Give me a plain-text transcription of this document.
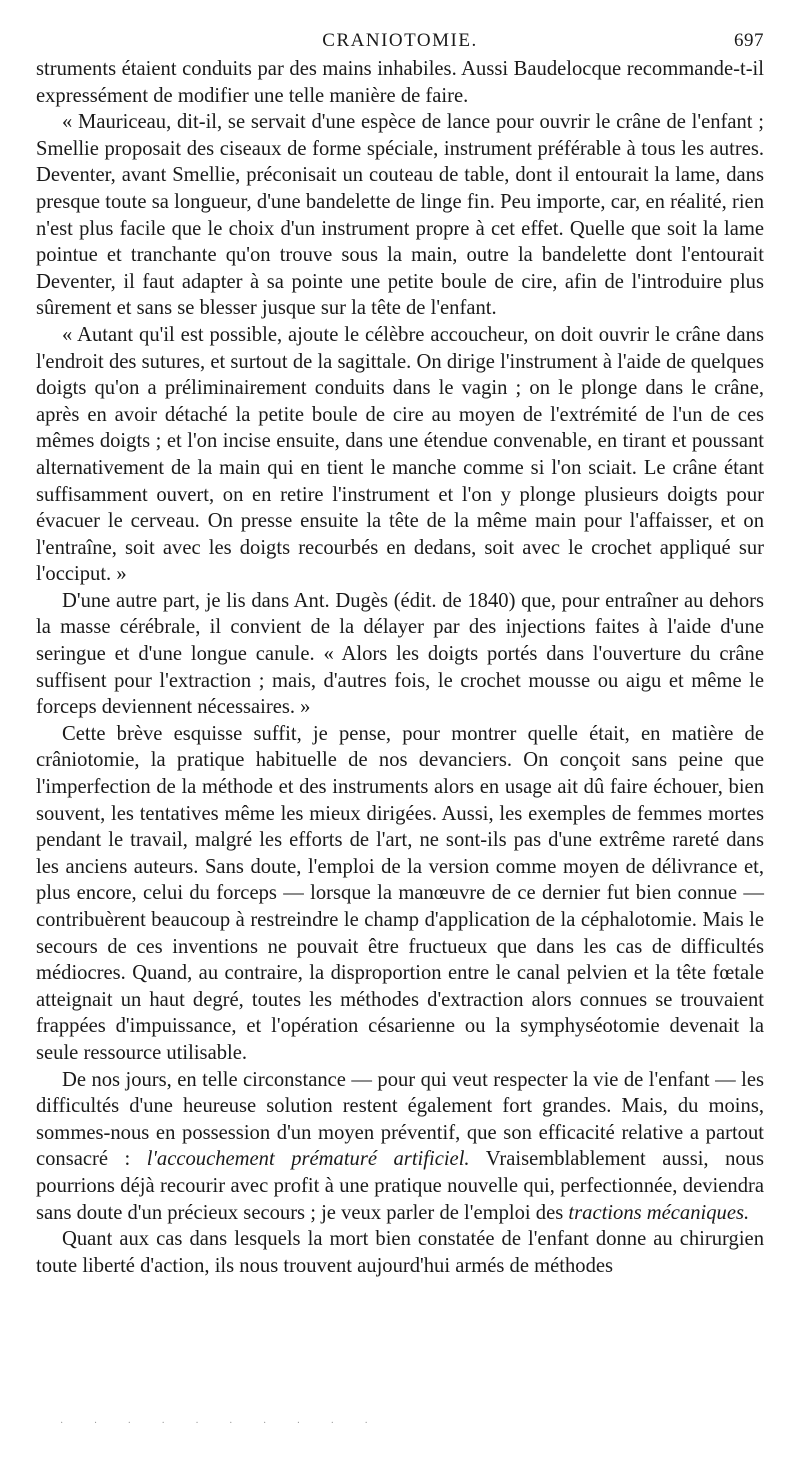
CRANIOTOMIE.	697

struments étaient conduits par des mains inhabiles. Aussi Baudelocque recommande-t-il expressément de modifier une telle manière de faire.

« Mauriceau, dit-il, se servait d'une espèce de lance pour ouvrir le crâne de l'enfant ; Smellie proposait des ciseaux de forme spéciale, instrument préférable à tous les autres. Deventer, avant Smellie, préconisait un couteau de table, dont il entourait la lame, dans presque toute sa longueur, d'une bandelette de linge fin. Peu importe, car, en réalité, rien n'est plus facile que le choix d'un instrument propre à cet effet. Quelle que soit la lame pointue et tranchante qu'on trouve sous la main, outre la bandelette dont l'entourait Deventer, il faut adapter à sa pointe une petite boule de cire, afin de l'introduire plus sûrement et sans se blesser jusque sur la tête de l'enfant.

« Autant qu'il est possible, ajoute le célèbre accoucheur, on doit ouvrir le crâne dans l'endroit des sutures, et surtout de la sagittale. On dirige l'instrument à l'aide de quelques doigts qu'on a préliminairement conduits dans le vagin ; on le plonge dans le crâne, après en avoir détaché la petite boule de cire au moyen de l'extrémité de l'un de ces mêmes doigts ; et l'on incise ensuite, dans une étendue convenable, en tirant et poussant alternativement de la main qui en tient le manche comme si l'on sciait. Le crâne étant suffisamment ouvert, on en retire l'instrument et l'on y plonge plusieurs doigts pour évacuer le cerveau. On presse ensuite la tête de la même main pour l'affaisser, et on l'entraîne, soit avec les doigts recourbés en dedans, soit avec le crochet appliqué sur l'occiput. »

D'une autre part, je lis dans Ant. Dugès (édit. de 1840) que, pour entraîner au dehors la masse cérébrale, il convient de la délayer par des injections faites à l'aide d'une seringue et d'une longue canule. « Alors les doigts portés dans l'ouverture du crâne suffisent pour l'extraction ; mais, d'autres fois, le crochet mousse ou aigu et même le forceps deviennent nécessaires. »

Cette brève esquisse suffit, je pense, pour montrer quelle était, en matière de crâniotomie, la pratique habituelle de nos devanciers. On conçoit sans peine que l'imperfection de la méthode et des instruments alors en usage ait dû faire échouer, bien souvent, les tentatives même les mieux dirigées. Aussi, les exemples de femmes mortes pendant le travail, malgré les efforts de l'art, ne sont-ils pas d'une extrême rareté dans les anciens auteurs. Sans doute, l'emploi de la version comme moyen de délivrance et, plus encore, celui du forceps — lorsque la manœuvre de ce dernier fut bien connue — contribuèrent beaucoup à restreindre le champ d'application de la céphalotomie. Mais le secours de ces inventions ne pouvait être fructueux que dans les cas de difficultés médiocres. Quand, au contraire, la disproportion entre le canal pelvien et la tête fœtale atteignait un haut degré, toutes les méthodes d'extraction alors connues se trouvaient frappées d'impuissance, et l'opération césarienne ou la symphyséotomie devenait la seule ressource utilisable.

De nos jours, en telle circonstance — pour qui veut respecter la vie de l'enfant — les difficultés d'une heureuse solution restent également fort grandes. Mais, du moins, sommes-nous en possession d'un moyen préventif, que son efficacité relative a partout consacré : l'accouchement prématuré artificiel. Vraisemblablement aussi, nous pourrions déjà recourir avec profit à une pratique nouvelle qui, perfectionnée, deviendra sans doute d'un précieux secours ; je veux parler de l'emploi des tractions mécaniques.

Quant aux cas dans lesquels la mort bien constatée de l'enfant donne au chirurgien toute liberté d'action, ils nous trouvent aujourd'hui armés de méthodes

· · · · · · · · · ·
